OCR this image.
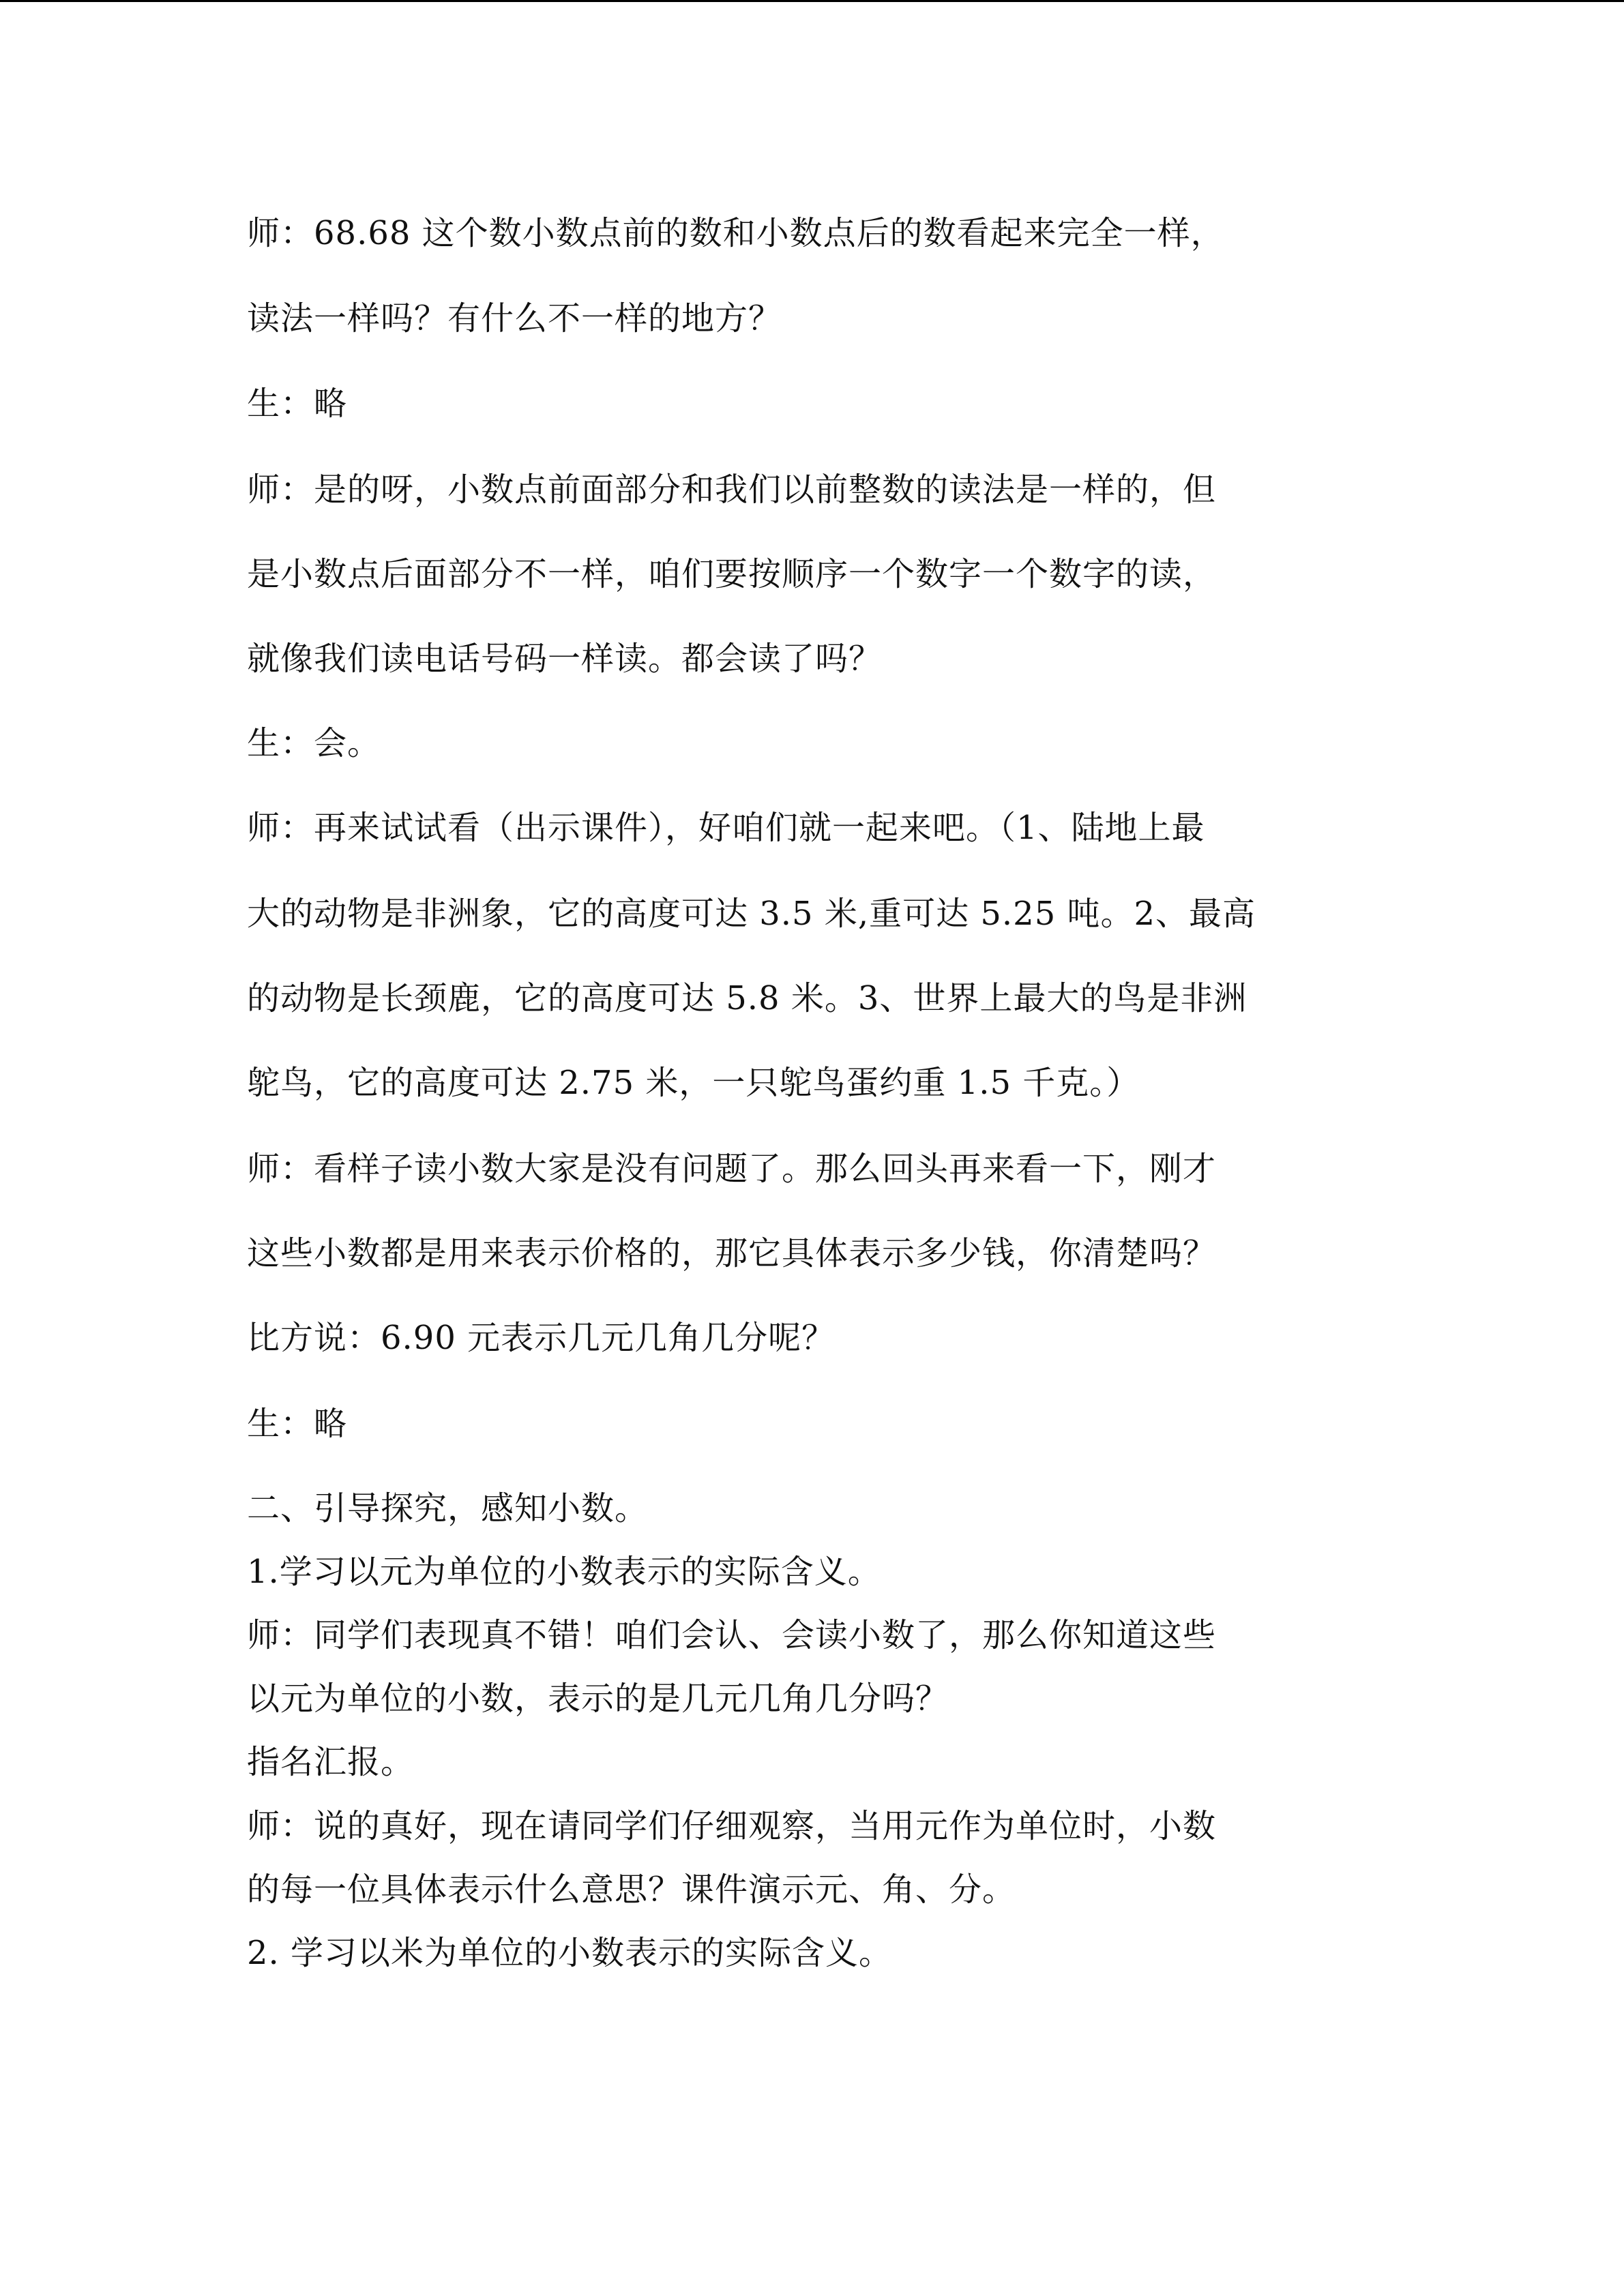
师：68.68 这个数小数点前的数和小数点后的数看起来完全一样，
读法一样吗？有什么不一样的地方？
生：略
师：是的呀，小数点前面部分和我们以前整数的读法是一样的，但
是小数点后面部分不一样，咱们要按顺序一个数字一个数字的读，
就像我们读电话号码一样读。都会读了吗？
生：会。
师：再来试试看（出示课件），好咱们就一起来吧。（1、陆地上最
大的动物是非洲象，它的高度可达 3.5 米,重可达 5.25 吨。2、最高
的动物是长颈鹿，它的高度可达 5.8 米。3、世界上最大的鸟是非洲
鸵鸟，它的高度可达 2.75 米，一只鸵鸟蛋约重 1.5 千克。）
师：看样子读小数大家是没有问题了。那么回头再来看一下，刚才
这些小数都是用来表示价格的，那它具体表示多少钱，你清楚吗？
比方说：6.90 元表示几元几角几分呢？
生：略
二、引导探究，感知小数。
1.学习以元为单位的小数表示的实际含义。
师：同学们表现真不错！咱们会认、会读小数了，那么你知道这些
以元为单位的小数，表示的是几元几角几分吗？
指名汇报。
师：说的真好，现在请同学们仔细观察，当用元作为单位时，小数
的每一位具体表示什么意思？课件演示元、角、分。
2. 学习以米为单位的小数表示的实际含义。
